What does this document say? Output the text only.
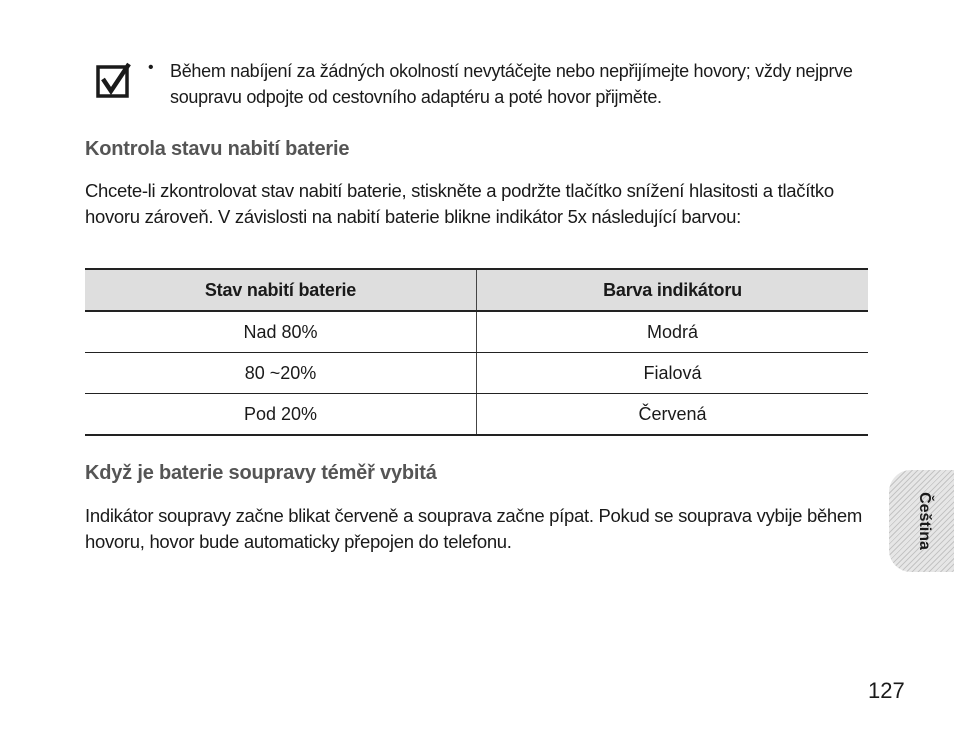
• Během nabíjení za žádných okolností nevytáčejte nebo nepřijímejte hovory; vždy nejprve soupravu odpojte od cestovního adaptéru a poté hovor přijměte.
Kontrola stavu nabití baterie

Chcete-li zkontrolovat stav nabití baterie, stiskněte a podržte tlačítko snížení hlasitosti a tlačítko hovoru zároveň. V závislosti na nabití baterie blikne indikátor 5x následující barvou:

Stav nabití baterie	Barva indikátoru
Nad 80%	Modrá
80 ~20%	Fialová
Pod 20%	Červená
Když je baterie soupravy téměř vybitá

Indikátor soupravy začne blikat červeně a souprava začne pípat. Pokud se souprava vybije během hovoru, hovor bude automaticky přepojen do telefonu.	Čeština
127
